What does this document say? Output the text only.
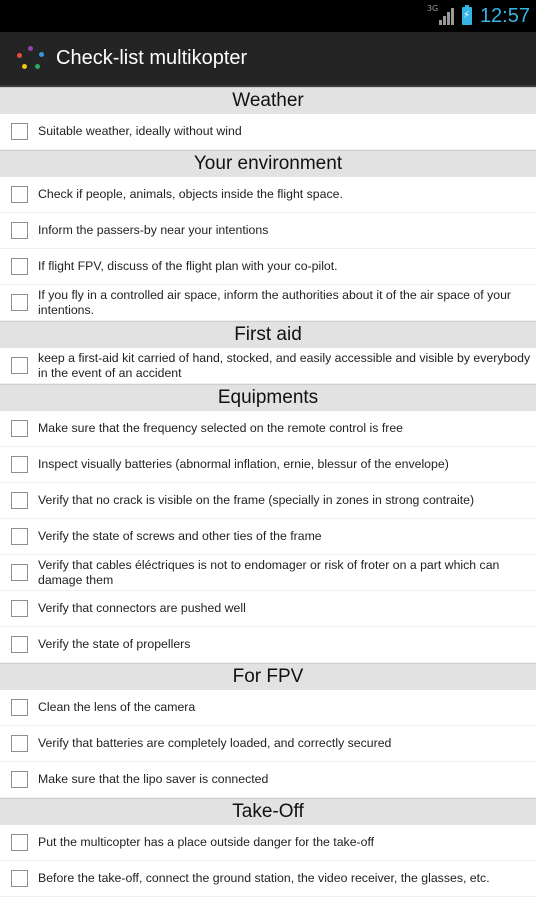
3G
⚡ 12:57
Check-list multikopter
Weather
Suitable weather, ideally without wind
Your environment
Check if people, animals, objects inside the flight space.
Inform the passers-by near your intentions
If flight FPV, discuss of the flight plan with your co-pilot.
If you fly in a controlled air space, inform the authorities about it of the air space of your intentions.
First aid
keep a first-aid kit carried of hand, stocked, and easily accessible and visible by everybody in the event of an accident
Equipments
Make sure that the frequency selected on the remote control is free
Inspect visually batteries (abnormal inflation, ernie, blessur of the envelope)
Verify that no crack is visible on the frame (specially in zones in strong contraite)
Verify the state of screws and other ties of the frame
Verify that cables éléctriques is not to endomager or risk of froter on a part which can damage them
Verify that connectors are pushed well
Verify the state of propellers
For FPV
Clean the lens of the camera
Verify that batteries are completely loaded, and correctly secured
Make sure that the lipo saver is connected
Take-Off
Put the multicopter has a place outside danger for the take-off
Before the take-off, connect the ground station, the video receiver, the glasses, etc.
